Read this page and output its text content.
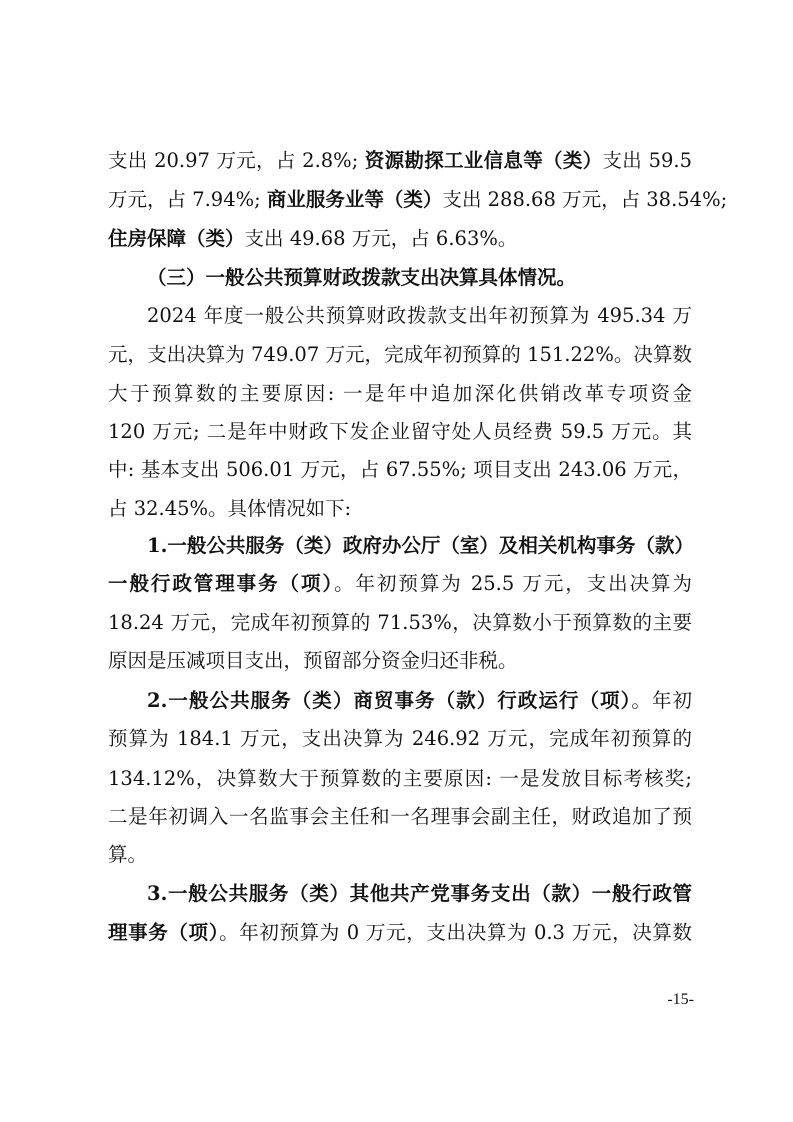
支出 20.97 万元，占 2.8%; 资源勘探工业信息等（类）支出 59.5
万元，占 7.94%; 商业服务业等（类）支出 288.68 万元，占 38.54%;
住房保障（类）支出 49.68 万元，占 6.63%。
（三）一般公共预算财政拨款支出决算具体情况。
2024 年度一般公共预算财政拨款支出年初预算为 495.34 万
元，支出决算为 749.07 万元，完成年初预算的 151.22%。决算数
大于预算数的主要原因: 一是年中追加深化供销改革专项资金
120 万元; 二是年中财政下发企业留守处人员经费 59.5 万元。其
中: 基本支出 506.01 万元，占 67.55%; 项目支出 243.06 万元，
占 32.45%。具体情况如下:
1.一般公共服务（类）政府办公厅（室）及相关机构事务（款）
一般行政管理事务（项）。年初预算为 25.5 万元，支出决算为
18.24 万元，完成年初预算的 71.53%，决算数小于预算数的主要
原因是压减项目支出，预留部分资金归还非税。
2.一般公共服务（类）商贸事务（款）行政运行（项）。年初
预算为 184.1 万元，支出决算为 246.92 万元，完成年初预算的
134.12%，决算数大于预算数的主要原因: 一是发放目标考核奖;
二是年初调入一名监事会主任和一名理事会副主任，财政追加了预
算。
3.一般公共服务（类）其他共产党事务支出（款）一般行政管
理事务（项）。年初预算为 0 万元，支出决算为 0.3 万元，决算数
-15-
